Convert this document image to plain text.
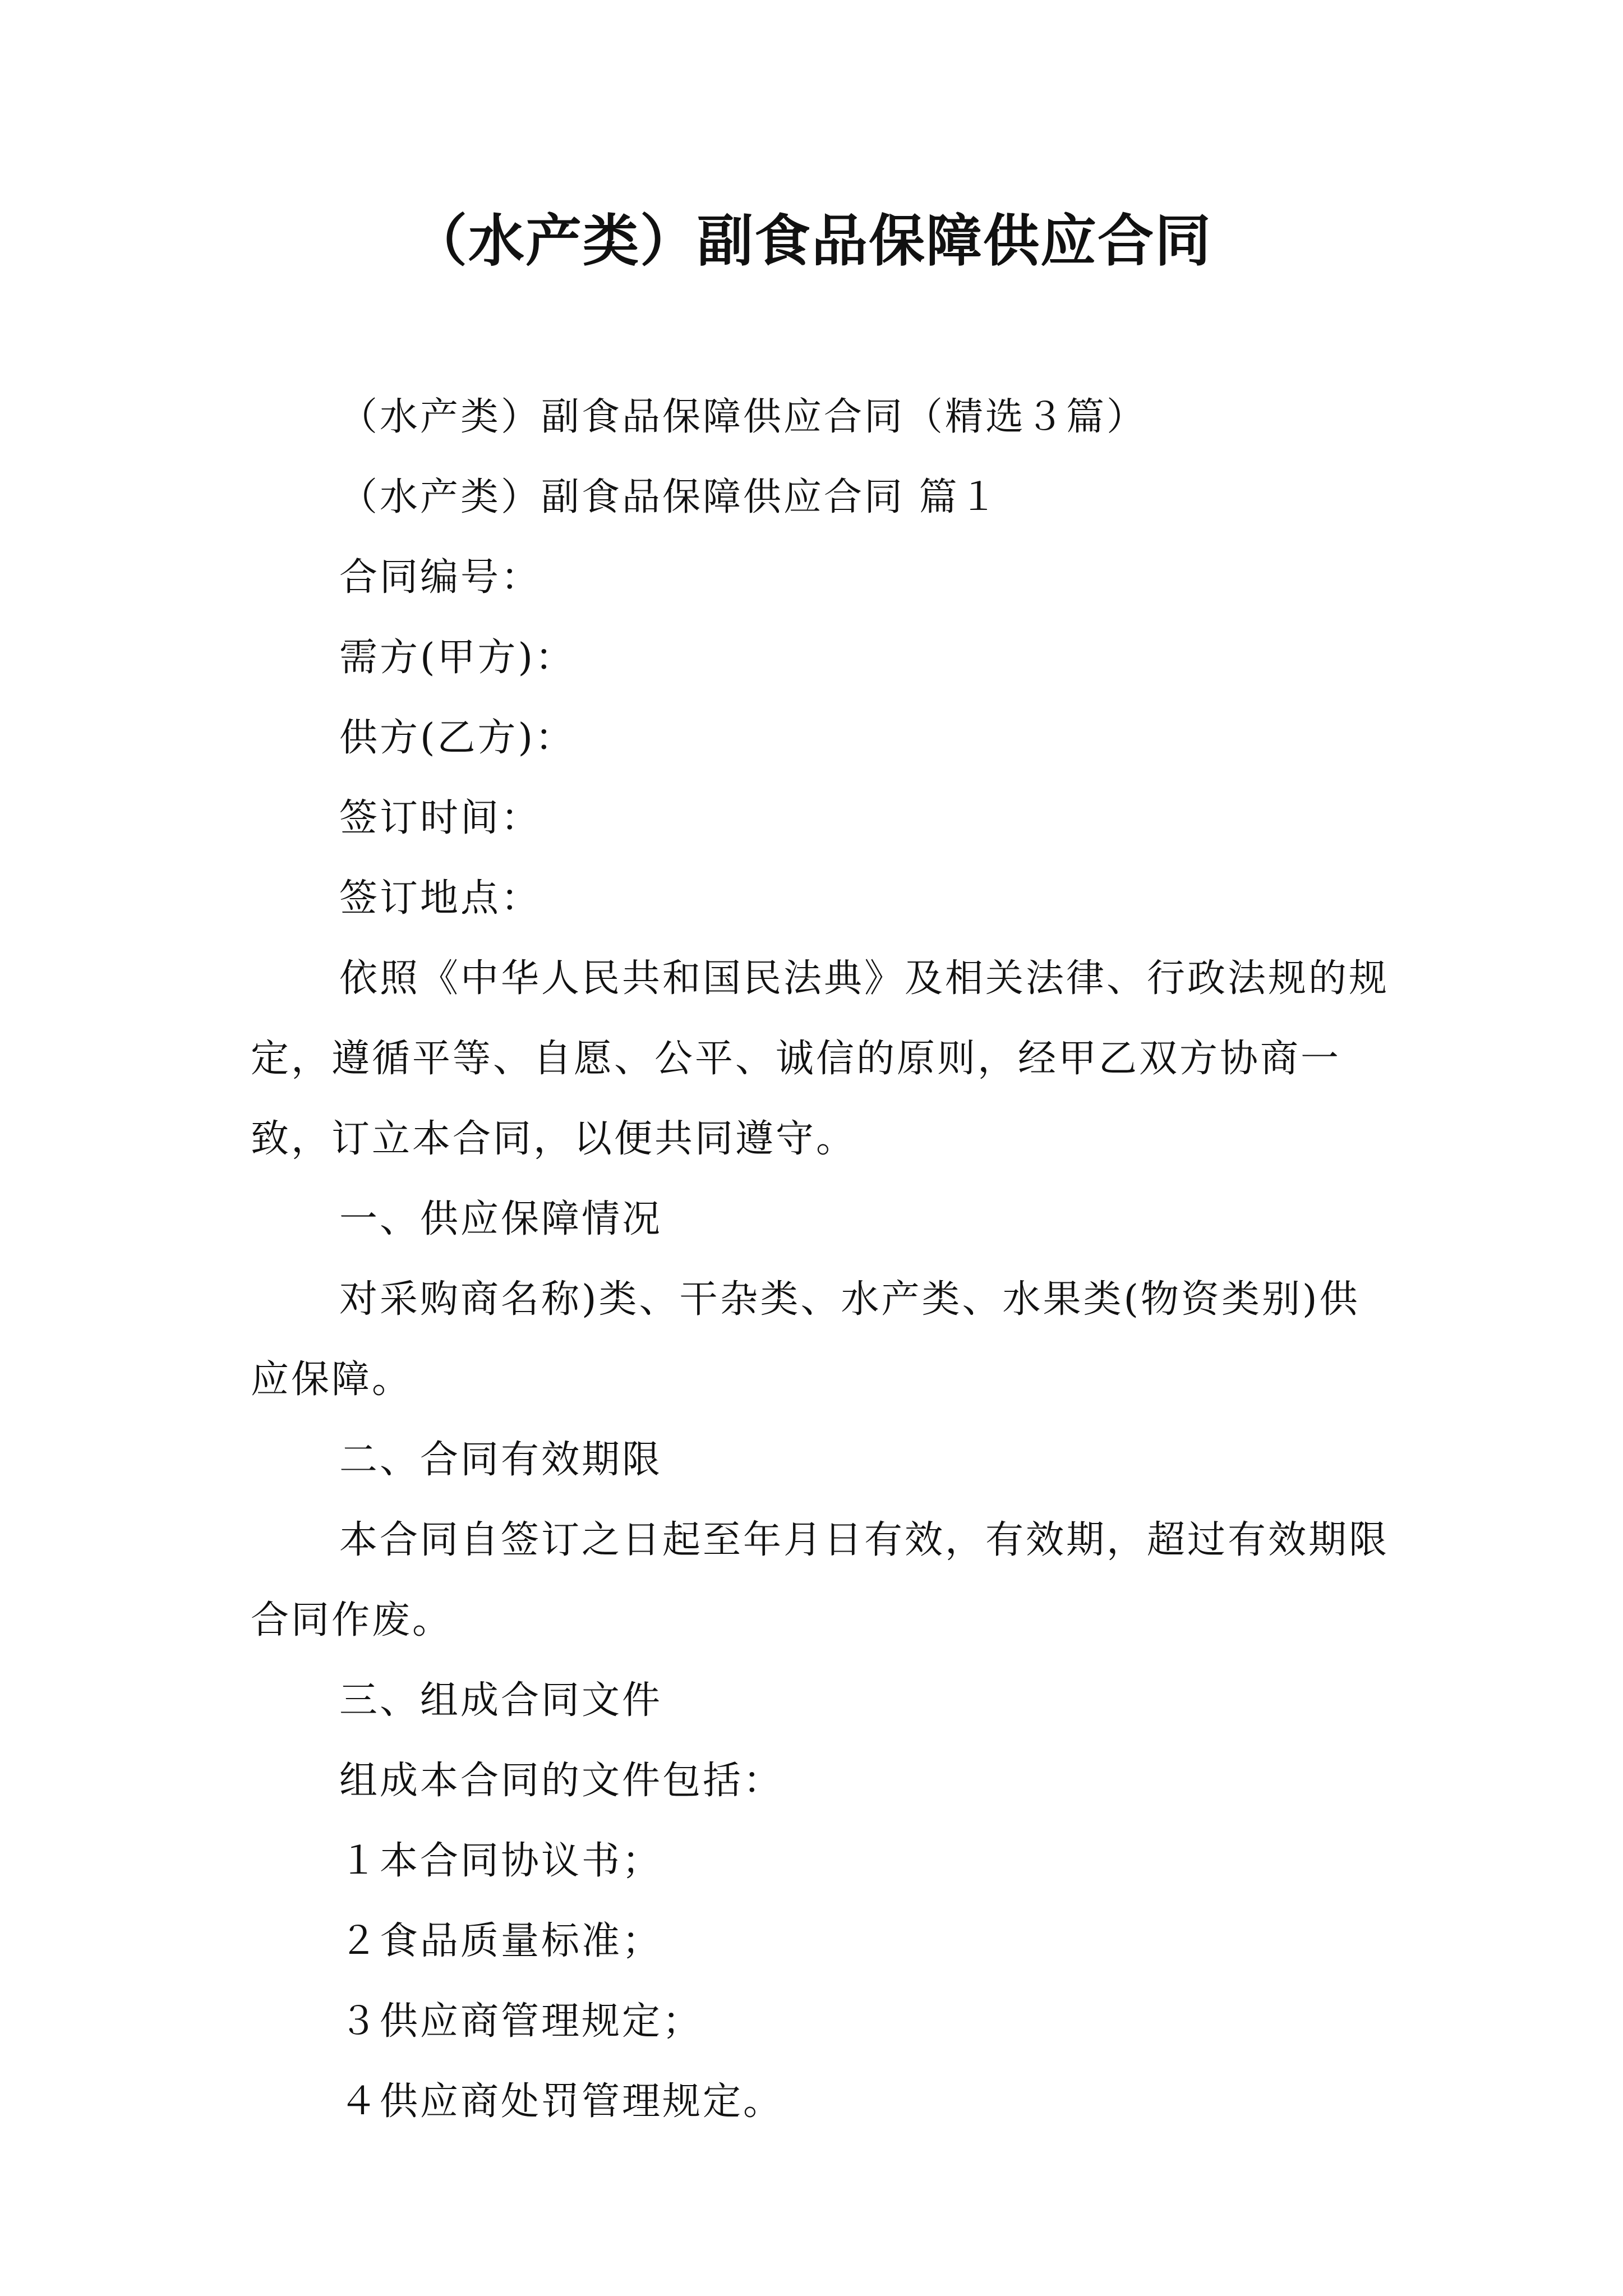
（水产类）副食品保障供应合同

（水产类）副食品保障供应合同（精选３篇）

（水产类）副食品保障供应合同 篇１

合同编号：

需方(甲方)：

供方(乙方)：

签订时间：

签订地点：

依照《中华人民共和国民法典》及相关法律、行政法规的规定，遵循平等、自愿、公平、诚信的原则，经甲乙双方协商一致，订立本合同，以便共同遵守。

一、供应保障情况

对采购商名称)类、干杂类、水产类、水果类(物资类别)供应保障。

二、合同有效期限

本合同自签订之日起至年月日有效，有效期，超过有效期限合同作废。

三、组成合同文件

组成本合同的文件包括：

１本合同协议书；

２食品质量标准；

３供应商管理规定；

４供应商处罚管理规定。
